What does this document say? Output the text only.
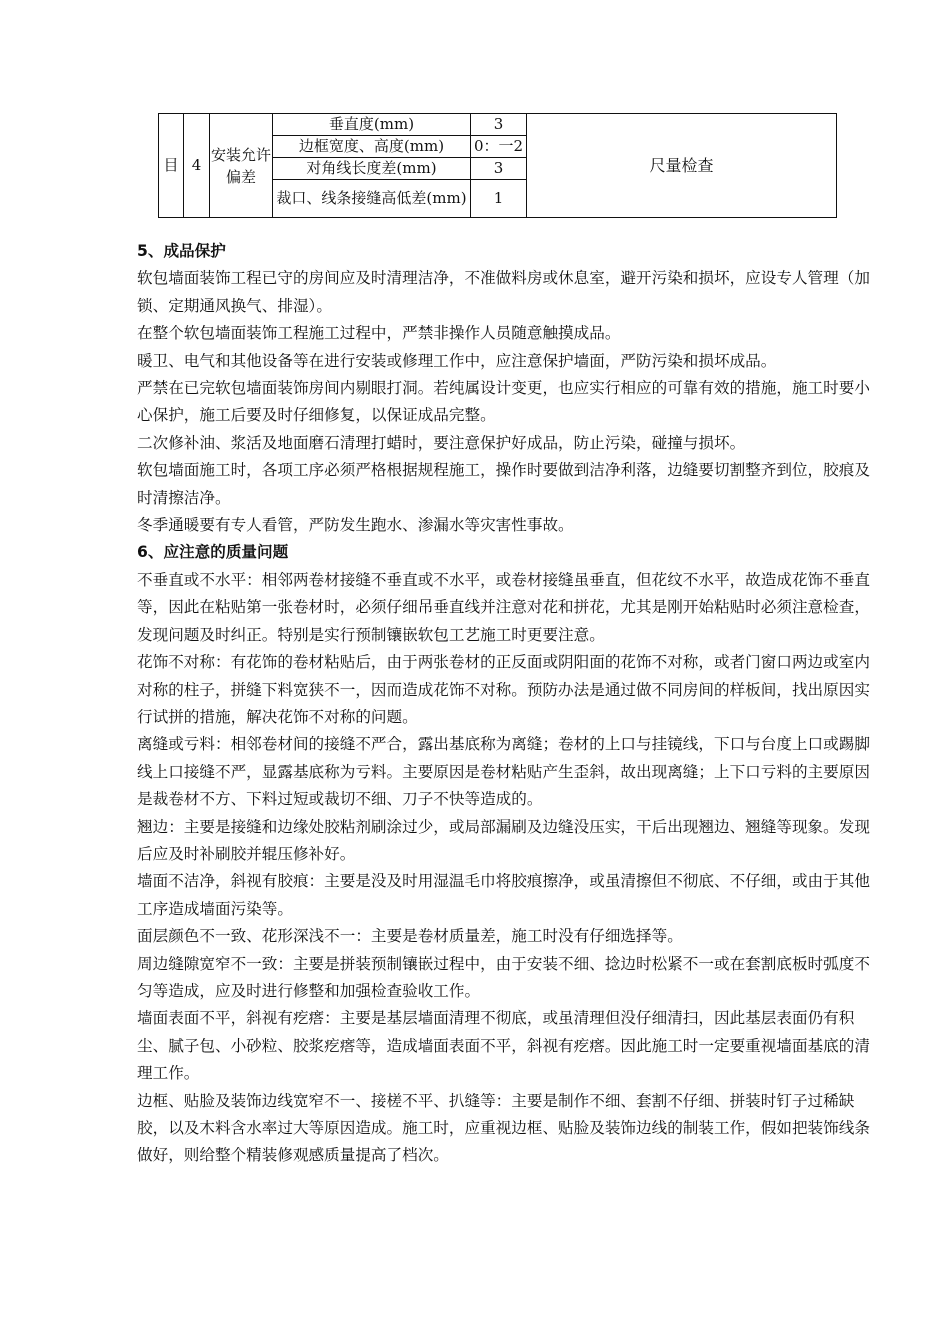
目	4	安装允许偏差	垂直度(mm)	3	尺量检查
			边框宽度、高度(mm)	0：一2	
			对角线长度差(mm)	3	
			裁口、线条接缝高低差(mm)	1	
5、成品保护

软包墙面装饰工程已守的房间应及时清理洁净，不准做料房或休息室，避开污染和损坏，应设专人管理（加锁、定期通风换气、排湿）。

在整个软包墙面装饰工程施工过程中，严禁非操作人员随意触摸成品。

暖卫、电气和其他设备等在进行安装或修理工作中，应注意保护墙面，严防污染和损坏成品。

严禁在已完软包墙面装饰房间内剔眼打洞。若纯属设计变更，也应实行相应的可靠有效的措施，施工时要小心保护，施工后要及时仔细修复，以保证成品完整。

二次修补油、浆活及地面磨石清理打蜡时，要注意保护好成品，防止污染，碰撞与损坏。

软包墙面施工时，各项工序必须严格根据规程施工，操作时要做到洁净利落，边缝要切割整齐到位，胶痕及时清擦洁净。

冬季通暖要有专人看管，严防发生跑水、渗漏水等灾害性事故。

6、应注意的质量问题

不垂直或不水平：相邻两卷材接缝不垂直或不水平，或卷材接缝虽垂直，但花纹不水平，故造成花饰不垂直等，因此在粘贴第一张卷材时，必须仔细吊垂直线并注意对花和拼花，尤其是刚开始粘贴时必须注意检查，发现问题及时纠正。特别是实行预制镶嵌软包工艺施工时更要注意。

花饰不对称：有花饰的卷材粘贴后，由于两张卷材的正反面或阴阳面的花饰不对称，或者门窗口两边或室内对称的柱子，拼缝下料宽狭不一，因而造成花饰不对称。预防办法是通过做不同房间的样板间，找出原因实行试拼的措施，解决花饰不对称的问题。

离缝或亏料：相邻卷材间的接缝不严合，露出基底称为离缝；卷材的上口与挂镜线，下口与台度上口或踢脚线上口接缝不严，显露基底称为亏料。主要原因是卷材粘贴产生歪斜，故出现离缝；上下口亏料的主要原因是裁卷材不方、下料过短或裁切不细、刀子不快等造成的。

翘边：主要是接缝和边缘处胶粘剂刷涂过少，或局部漏刷及边缝没压实，干后出现翘边、翘缝等现象。发现后应及时补刷胶并辊压修补好。

墙面不洁净，斜视有胶痕：主要是没及时用湿温毛巾将胶痕擦净，或虽清擦但不彻底、不仔细，或由于其他工序造成墙面污染等。

面层颜色不一致、花形深浅不一：主要是卷材质量差，施工时没有仔细选择等。

周边缝隙宽窄不一致：主要是拼装预制镶嵌过程中，由于安装不细、捻边时松紧不一或在套割底板时弧度不匀等造成，应及时进行修整和加强检查验收工作。

墙面表面不平，斜视有疙瘩：主要是基层墙面清理不彻底，或虽清理但没仔细清扫，因此基层表面仍有积尘、腻子包、小砂粒、胶浆疙瘩等，造成墙面表面不平，斜视有疙瘩。因此施工时一定要重视墙面基底的清理工作。

边框、贴脸及装饰边线宽窄不一、接槎不平、扒缝等：主要是制作不细、套割不仔细、拼装时钉子过稀缺胶，以及木料含水率过大等原因造成。施工时，应重视边框、贴脸及装饰边线的制装工作，假如把装饰线条做好，则给整个精装修观感质量提高了档次。
